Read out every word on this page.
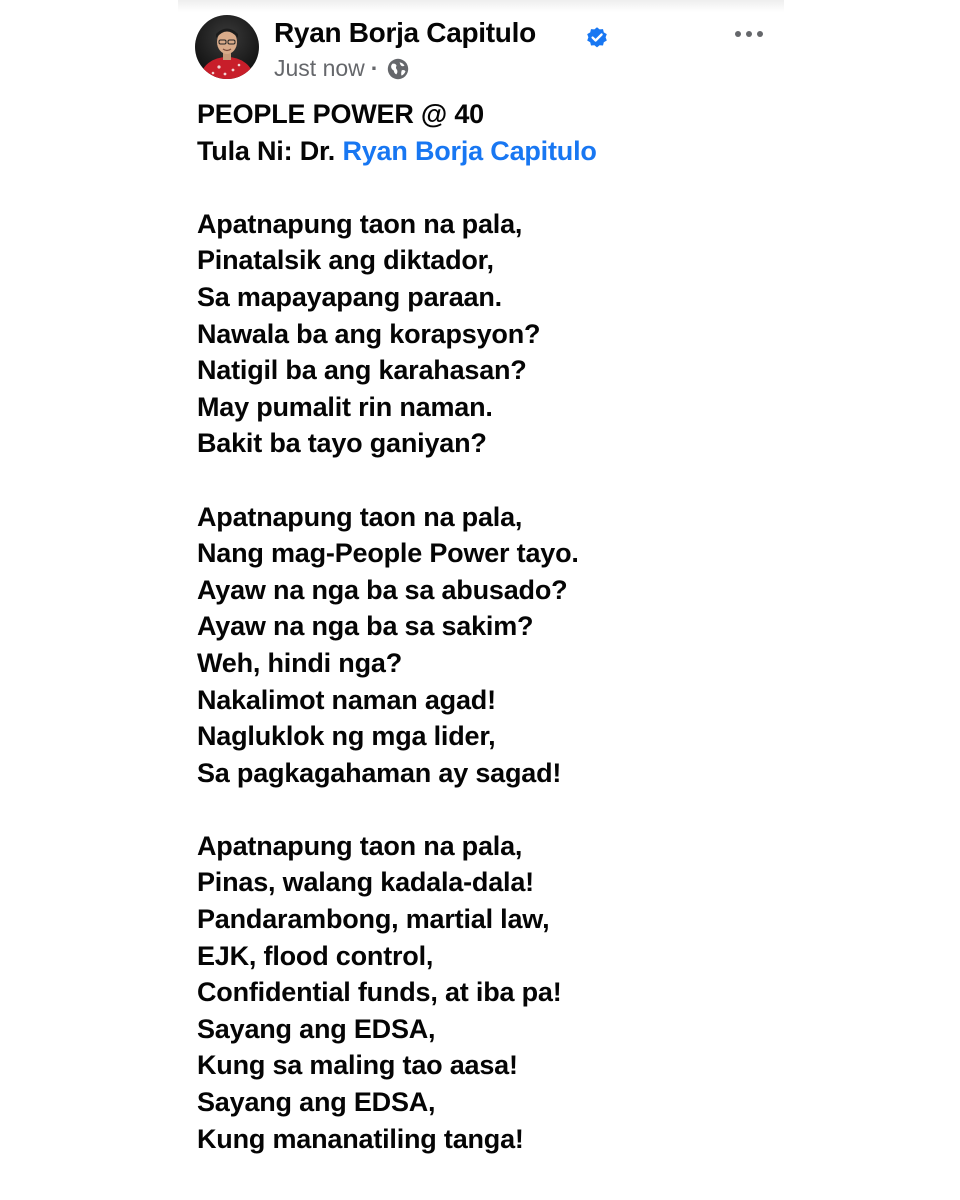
Ryan Borja Capitulo
Just now ·
PEOPLE POWER @ 40
Tula Ni: Dr. Ryan Borja Capitulo
Apatnapung taon na pala,
Pinatalsik ang diktador,
Sa mapayapang paraan.
Nawala ba ang korapsyon?
Natigil ba ang karahasan?
May pumalit rin naman.
Bakit ba tayo ganiyan?
Apatnapung taon na pala,
Nang mag-People Power tayo.
Ayaw na nga ba sa abusado?
Ayaw na nga ba sa sakim?
Weh, hindi nga?
Nakalimot naman agad!
Nagluklok ng mga lider,
Sa pagkagahaman ay sagad!
Apatnapung taon na pala,
Pinas, walang kadala-dala!
Pandarambong, martial law,
EJK, flood control,
Confidential funds, at iba pa!
Sayang ang EDSA,
Kung sa maling tao aasa!
Sayang ang EDSA,
Kung mananatiling tanga!
